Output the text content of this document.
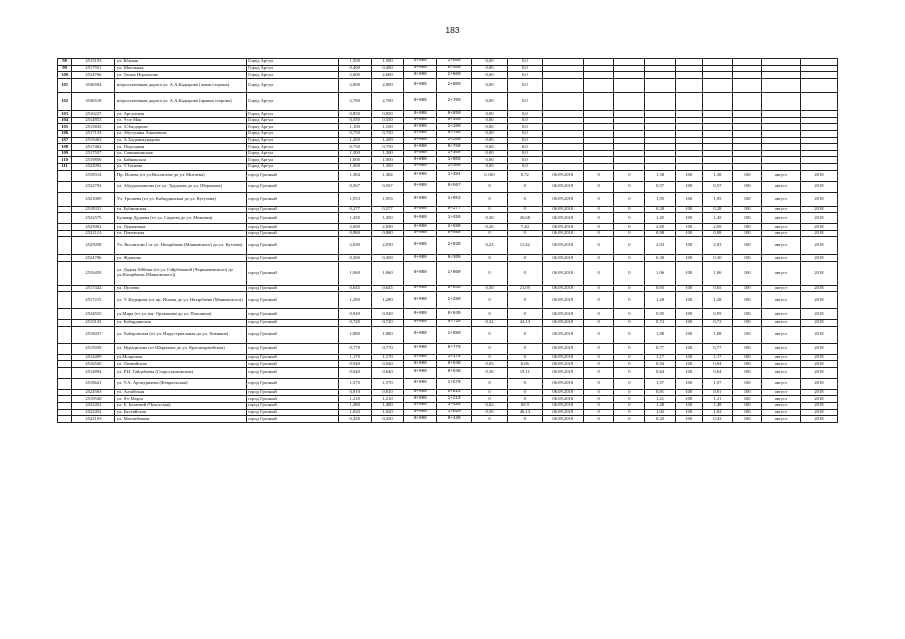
183
98	2515103	ул. Южная	Город Аргун	1,500	1,500	0+000	1+500	0,00	0,0									
99	2517551	ул. Школьная	Город Аргун	0,400	0,400	0+000	0+400	0,00	0,0									
100	2524766	ул. Таима Исраилова	Город Аргун	2,600	2,600	0+000	2+600	0,00	0,0									
101	3546504	второстепенная дорога ул. А.А.Кадырова (левая сторона)	Город Аргун	2,800	2,800	0+000	2+800	0,00	0,0									
102	3546518	второстепенная дорога ул. А.А.Кадырова (правая сторона)	Город Аргун	2,700	2,700	0+000	2+700	0,00	0,0									
103	2516227	ул. Аргунская	Город Аргун	0,850	0,850	0+000	0+850	0,00	0,0									
104	2514853	ул. 9-ое Мая	Город Аргун	0,350	0,350	0+000	0+350	0,00	0,0									
105	2515843	ул. З.Эльдарова	Город Аргун	1,100	1,100	0+000	1+100	0,00	0,0									
106	2517133	ул. Абусупяна Ханиевова	Город Аргун	0,750	0,750	0+000	0+750	0,00	0,0									
107	2519463	ул. А.Хаджимурадова	Город Аргун	1,200	1,200	0+000	1+200	0,00	0,0									
108	2517462	ул. Подгорная	Город Аргун	0,750	0,750	0+000	0+750	0,00	0,0									
109	2517557	ул. Самашкинская	Город Аргун	1,300	1,300	0+000	1+300	0,00	0,0									
110	2519856	ул. Байнакская	Город Аргун	1,000	1,000	0+000	1+000	0,00	0,0									
111	2522092	ул. Т.Тагиева	Город Аргун	1,300	1,300	0+000	1+300	0,00	0,0									
	2518314	Пр. Исаева (от ул.Висаитова до ул. Митаева)	город Грозный	1,384	1,384	0+000	1+384	0.100	0,72	06.09.2018	0	0	1,38	100	1,38	100	август	2018
	2522703	ул. Абдурахманова (от ул. Трудовая до ул. Шерипова)	город Грозный	0,567	0,567	0+000	0+567	0	0	06.09.2018	0	0	0,57	100	0,57	100	август	2018
	2521009	Ул. Трошева (от ул. Кабардинская до ул. Кутузова)	город Грозный	1,953	1,953	0+000	1+953	0	0	06.09.2018	0	0	1,95	100	1,95	100	август	2018
	2518331	ул. Бубнинская	город Грозный	0,277	0,277	0+000	0+277	0	0	06.09.2018	0	0	0,28	100	0,28	100	август	2018
	2522575	Бульвар Дудаева (от ул. Садаева до ул. Межевая)	город Грозный	1,450	1,450	0+000	1+450	0,30	20,68	06.09.2018	0	0	1,45	100	1,45	100	август	2018
	2525062	ул. Державина	город Грозный	2,690	2,690	0+000	2+690	0,20	7,44	06.09.2018	0	0	2,69	100	2,69	100	август	2018
	2522112	ул. Плиевская	город Грозный	0,980	0,980	0+000	0+980	0	0	06.09.2018	0	0	0,98	100	0,98	100	август	2018
	2525058	Ул. Висаитова ( от ул. Назарбаева (Маяковского) до ул. Кутаева)	город Грозный	2,030	2,030	0+000	2+030	0,23	11,42	06.09.2018	0	0	2,03	100	2,03	100	август	2018
	2524786	ул. Жданова	город Грозный	0,300	0,300	0+000	0+300	0	0	06.09.2018	0	0	0,30	100	0,30	100	август	2018
	2516459	ул. Дадин Айбики (от ул. Гайрбековой (Чернышевского) до ул.Назарбаева (Маяковского))	город Грозный	1,060	1,060	0+000	1+060	0	0	06.09.2018	0	0	1,06	100	1,06	100	август	2018
	2517442	ул. Пугаева	город Грозный	0,645	0,645	0+000	0+645	0,30	21,05	06.09.2018	0	0	0,65	100	0,65	100	август	2018
	2517215	ул. У. Кадырова (от пр. Исаева до ул. Назарбаева (Маяковского))	город Грозный	1,280	1,280	0+000	1+280	0	0	06.09.2018	0	0	1,28	100	1,28	100	август	2018
	2524555	ул.Мира (от ул. им. Орзамиева до ул. Поповича)	город Грозный	0,949	0,949	0+000	0+949	0	0	06.09.2018	0	0	0,95	100	0,95	100	август	2018
	2519143	ул. Кабардинская	город Грозный	0,720	0,720	0+000	0+720	0,32	44,13	06.09.2018	0	0	0,72	100	0,72	100	август	2018
	2516037	ул. Хабаровская (от ул. Индустриальная до ул. Химиков)	город Грозный	1,880	1,880	0+000	1+880	0	0	06.09.2018	0	0	1,88	100	1,88	100	август	2018
	2515039	ул. Нурадилова (от Шерипова до ул. Красноармейская)	город Грозный	0,770	0,770	0+000	0+770	0	0	06.09.2018	0	0	0,77	100	0,77	100	август	2018
	2514499	ул.Мопровая	город Грозный	1,170	1,170	0+000	1+170	0	0	06.09.2018	0	0	1,17	100	1,17	100	август	2018
	2516540	ул. Литвийская	город Грозный	0,940	0,940	0+000	0+940	0,03	6,06	06.09.2018	0	0	0,94	100	0,94	100	август	2018
	2514894	ул. Р.Н. Гайдабаева (Старосунженская)	город Грозный	0,640	0,640	0+000	0+640	0,30	19,11	06.09.2018	0	0	0,64	100	0,64	100	август	2018
	2518641	ул. У.А. Арсмуркаева (Февральская)	город Грозный	1,570	1,570	0+000	1+570	0	0	06.09.2018	0	0	1,57	100	1,57	100	август	2018
	2524563	ул. Алтайская	город Грозный	0,810	0,810	0+000	0+810	0	0	06.09.2018	0	0	0,81	100	0,81	100	август	2018
	2519540	ул. 8-е Марта	город Грозный	1,210	1,210	0+000	1+210	0	0	06.09.2018	0	0	1,21	100	1,21	100	август	2018
	2522452	ул. Е. Батаевой (Чукотская)	город Грозный	1,480	1,480	0+000	1+480	0,62	60,9	06.09.2018	0	0	1,48	100	1,48	100	август	2018
	2522452	ул. Балтийская	город Грозный	1,020	1,020	0+000	1+020	0,50	46,13	06.09.2018	0	0	1,02	100	1,02	100	август	2018
	2522103	ул. Магомбекова	город Грозный	0,430	0,430	0+000	0+430	0	0	06.09.2018	0	0	0,43	100	0,43	100	август	2018
